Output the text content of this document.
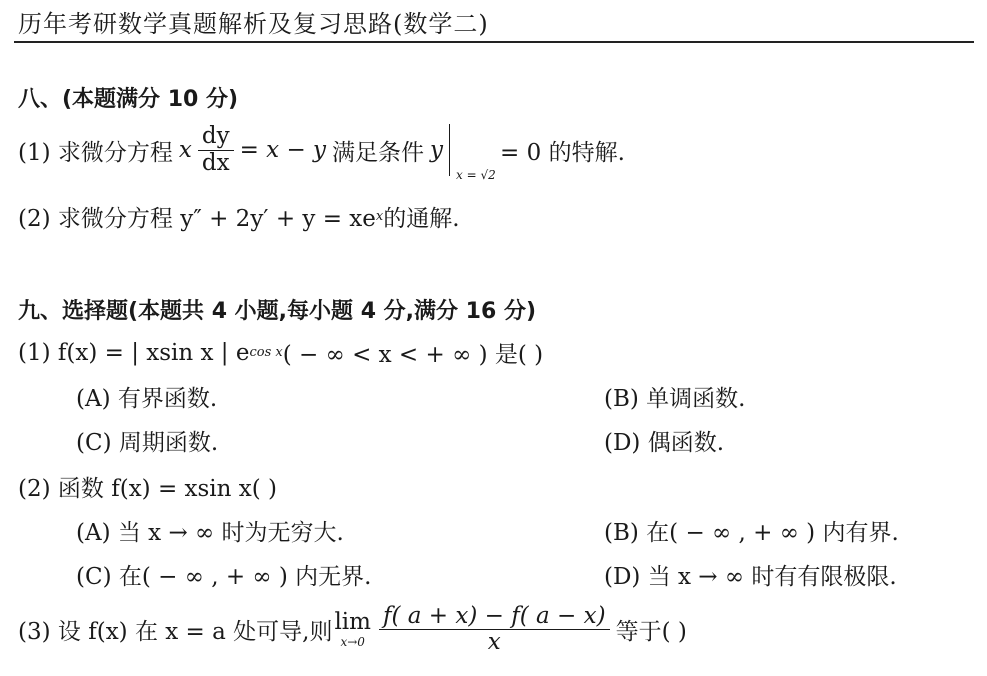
历年考研数学真题解析及复习思路(数学二)
八、(本题满分 10 分)
(1) 求微分方程 x $\frac{dy}{dx} = x - y$ 满足条件 y
x = √2
= 0 的特解.
(2) 求微分方程 y″ + 2y′ + y = xe x 的通解.
九、选择题(本题共 4 小题,每小题 4 分,满分 16 分)
(1) f(x) = | xsin x | e cos x ( − ∞ < x < + ∞ ) 是( )
(A) 有界函数.	(B) 单调函数.
(C) 周期函数.	(D) 偶函数.
(2) 函数 f(x) = xsin x( )
(A) 当 x → ∞ 时为无穷大.	(B) 在( − ∞ , + ∞ ) 内有界.
(C) 在( − ∞ , + ∞ ) 内无界.	(D) 当 x → ∞ 时有有限极限.
(3) 设 f(x) 在 x = a 处可导,则 lim
$x\to 0 \frac{f( a + x) - f( a - x)}{x}$ 等于( )
